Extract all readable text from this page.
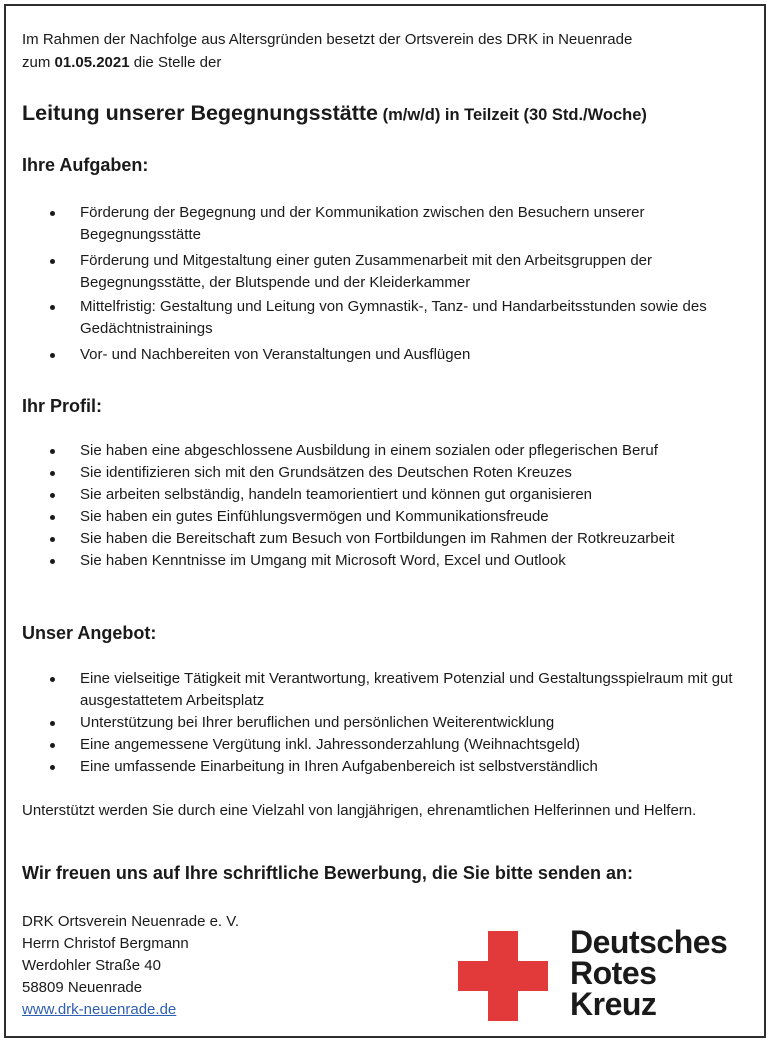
Im Rahmen der Nachfolge aus Altersgründen besetzt der Ortsverein des DRK in Neuenrade
zum 01.05.2021 die Stelle der

Leitung unserer Begegnungsstätte (m/w/d) in Teilzeit (30 Std./Woche)
Ihre Aufgaben:
Förderung der Begegnung und der Kommunikation zwischen den Besuchern unserer Begegnungsstätte
Förderung und Mitgestaltung einer guten Zusammenarbeit mit den Arbeitsgruppen der Begegnungsstätte, der Blutspende und der Kleiderkammer
Mittelfristig: Gestaltung und Leitung von Gymnastik-, Tanz- und Handarbeitsstunden sowie des Gedächtnistrainings
Vor- und Nachbereiten von Veranstaltungen und Ausflügen
Ihr Profil:
Sie haben eine abgeschlossene Ausbildung in einem sozialen oder pflegerischen Beruf
Sie identifizieren sich mit den Grundsätzen des Deutschen Roten Kreuzes
Sie arbeiten selbständig, handeln teamorientiert und können gut organisieren
Sie haben ein gutes Einfühlungsvermögen und Kommunikationsfreude
Sie haben die Bereitschaft zum Besuch von Fortbildungen im Rahmen der Rotkreuzarbeit
Sie haben Kenntnisse im Umgang mit Microsoft Word, Excel und Outlook
Unser Angebot:
Eine vielseitige Tätigkeit mit Verantwortung, kreativem Potenzial und Gestaltungsspielraum mit gut ausgestattetem Arbeitsplatz
Unterstützung bei Ihrer beruflichen und persönlichen Weiterentwicklung
Eine angemessene Vergütung inkl. Jahressonderzahlung (Weihnachtsgeld)
Eine umfassende Einarbeitung in Ihren Aufgabenbereich ist selbstverständlich

Unterstützt werden Sie durch eine Vielzahl von langjährigen, ehrenamtlichen Helferinnen und Helfern.

Wir freuen uns auf Ihre schriftliche Bewerbung, die Sie bitte senden an:

DRK Ortsverein Neuenrade e. V.
Herrn Christof Bergmann
Werdohler Straße 40
58809 Neuenrade
www.drk-neuenrade.de
Deutsches
Rotes
Kreuz
